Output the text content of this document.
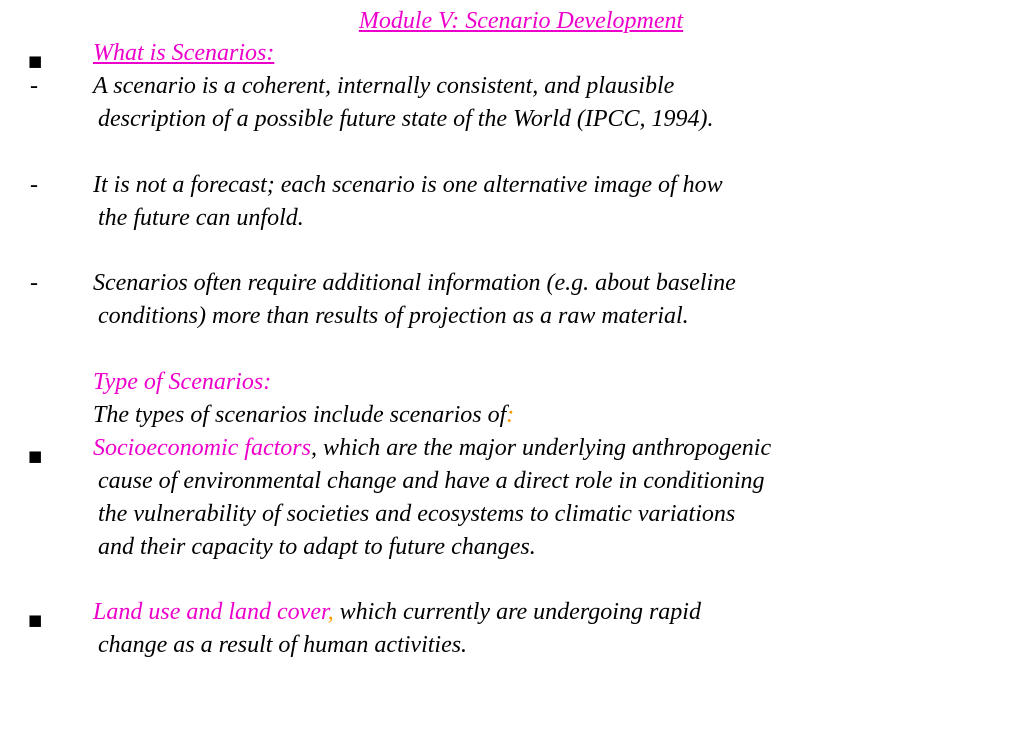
Module V: Scenario Development
■ What is Scenarios:
- A scenario is a coherent, internally consistent, and plausible
description of a possible future state of the World (IPCC, 1994).
- It is not a forecast; each scenario is one alternative image of how
the future can unfold.
- Scenarios often require additional information (e.g. about baseline
conditions) more than results of projection as a raw material.
Type of Scenarios:
The types of scenarios include scenarios of:
■ Socioeconomic factors, which are the major underlying anthropogenic
cause of environmental change and have a direct role in conditioning
the vulnerability of societies and ecosystems to climatic variations
and their capacity to adapt to future changes.
■ Land use and land cover, which currently are undergoing rapid
change as a result of human activities.
